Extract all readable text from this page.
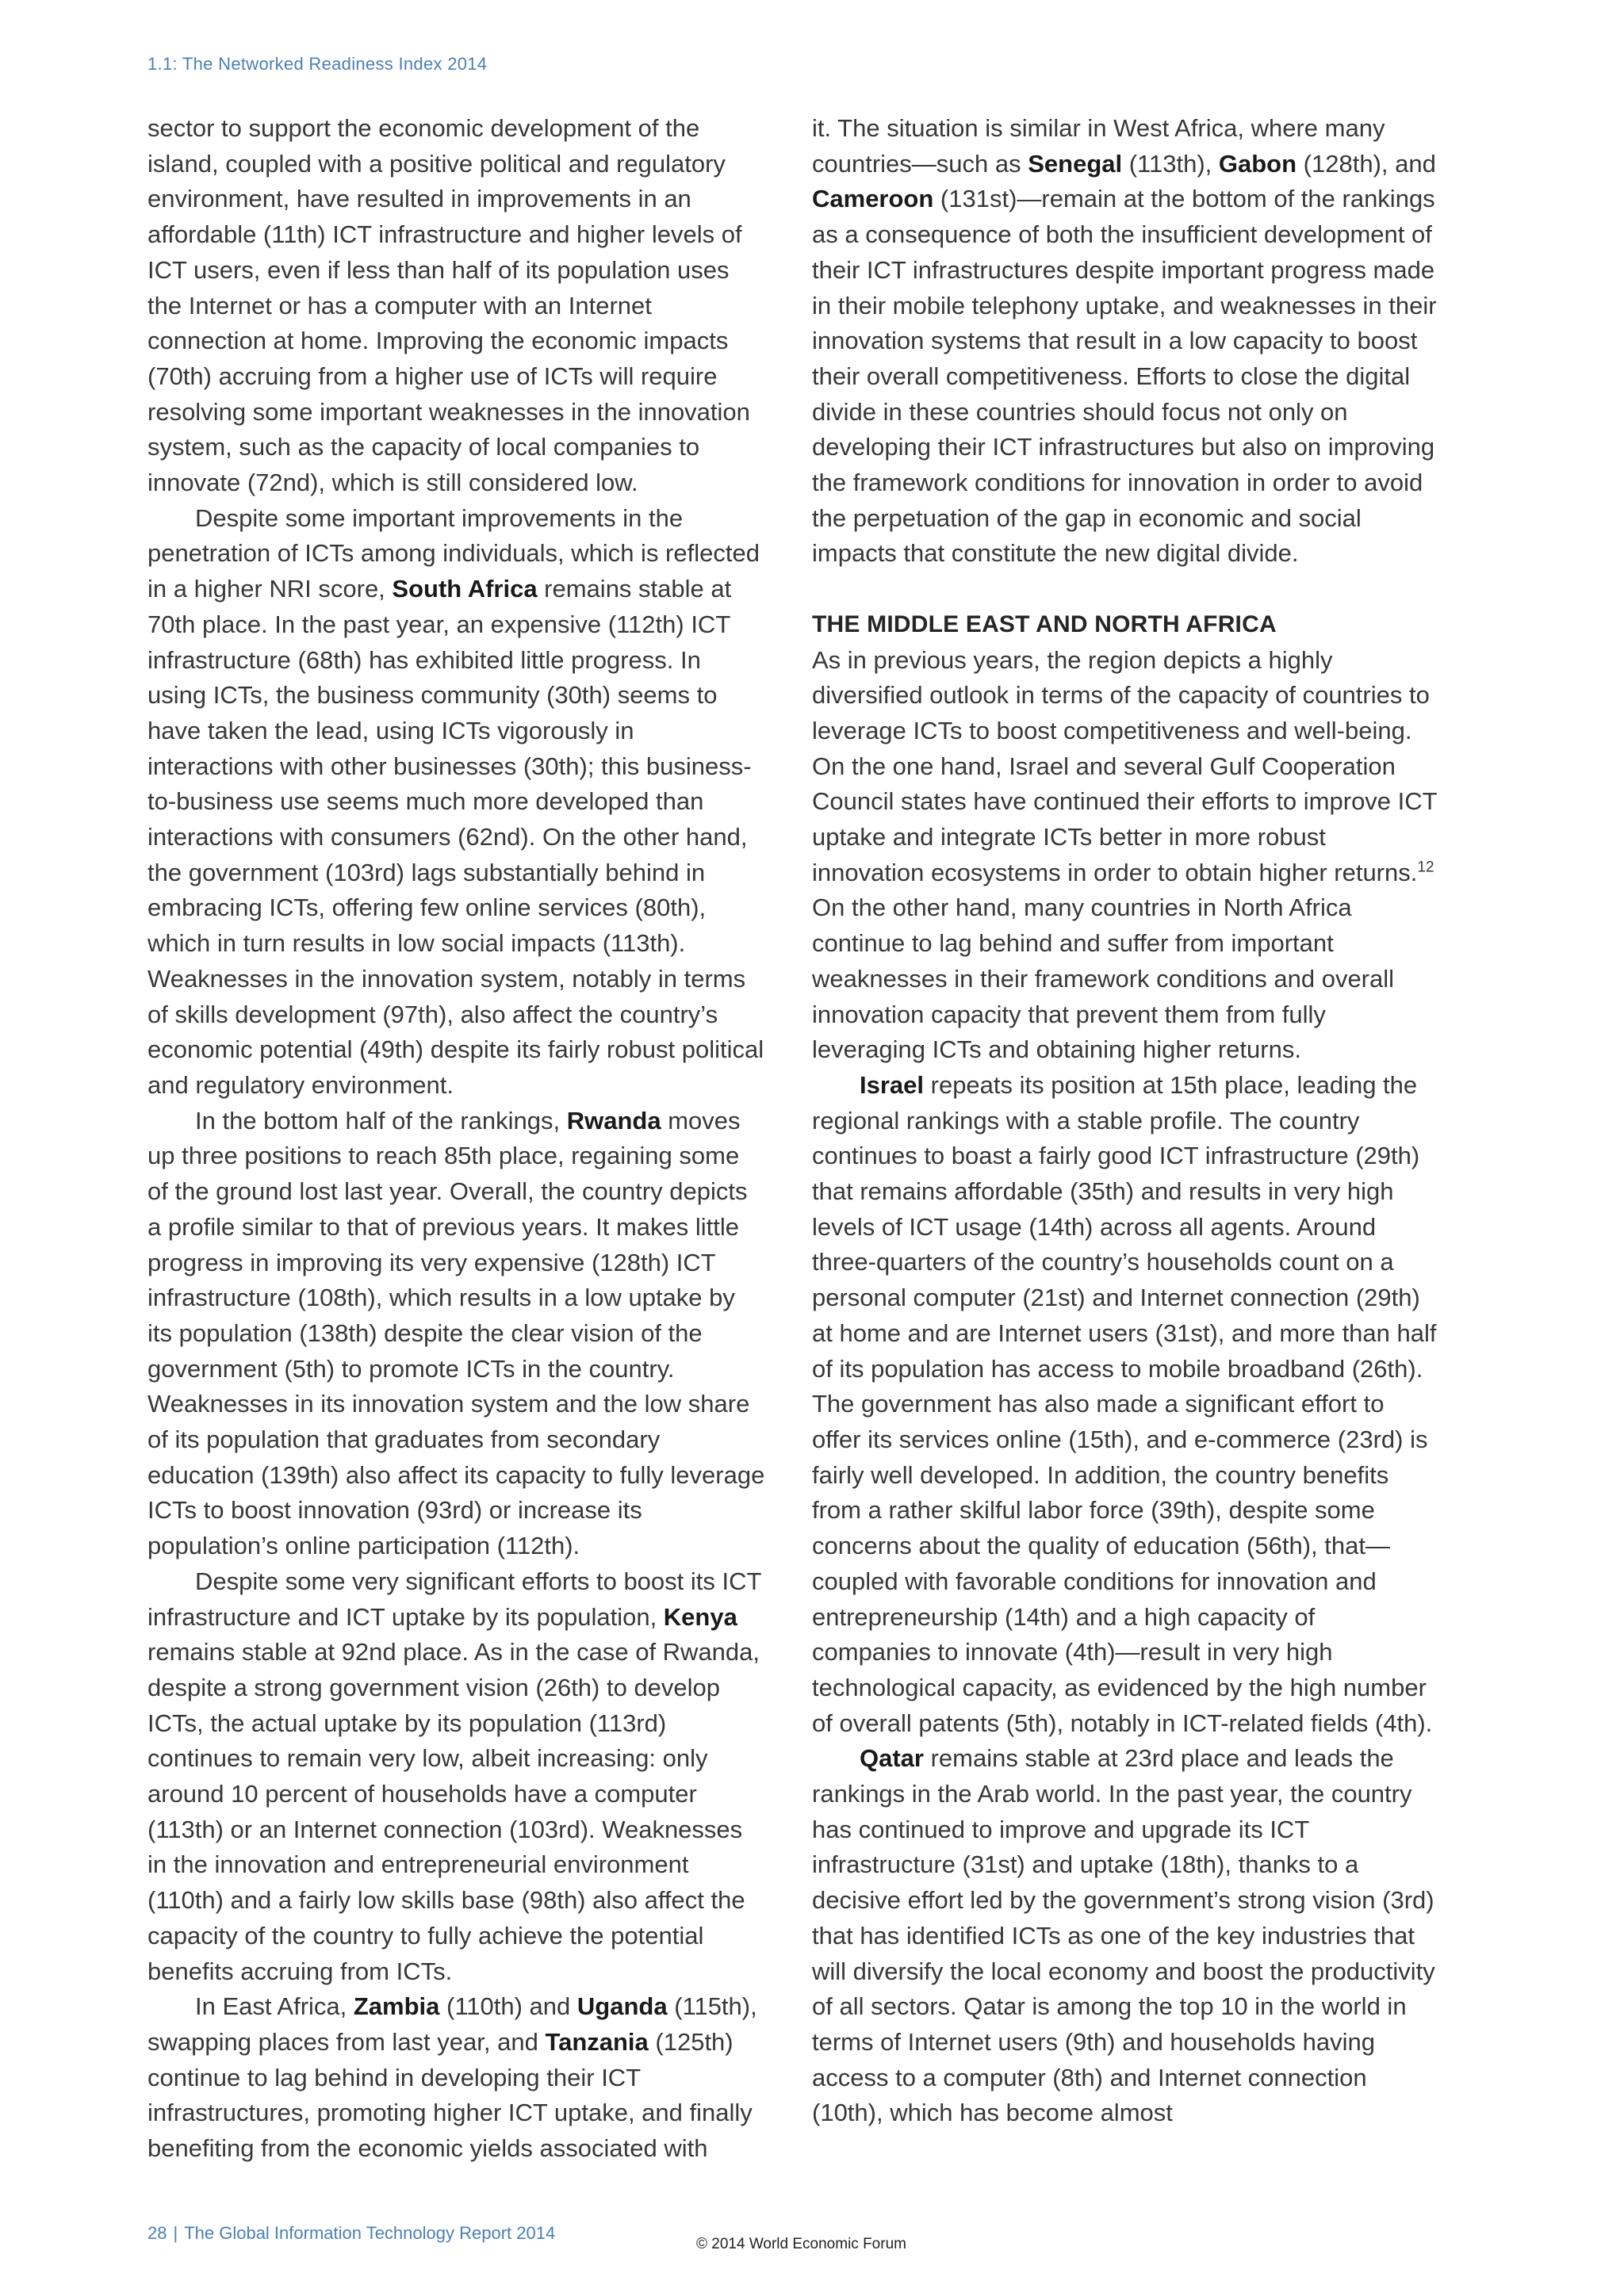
1.1: The Networked Readiness Index 2014

sector to support the economic development of the island, coupled with a positive political and regulatory environment, have resulted in improvements in an affordable (11th) ICT infrastructure and higher levels of ICT users, even if less than half of its population uses the Internet or has a computer with an Internet connection at home. Improving the economic impacts (70th) accruing from a higher use of ICTs will require resolving some important weaknesses in the innovation system, such as the capacity of local companies to innovate (72nd), which is still considered low.

Despite some important improvements in the penetration of ICTs among individuals, which is reflected in a higher NRI score, South Africa remains stable at 70th place. In the past year, an expensive (112th) ICT infrastructure (68th) has exhibited little progress. In using ICTs, the business community (30th) seems to have taken the lead, using ICTs vigorously in interactions with other businesses (30th); this business-to-business use seems much more developed than interactions with consumers (62nd). On the other hand, the government (103rd) lags substantially behind in embracing ICTs, offering few online services (80th), which in turn results in low social impacts (113th). Weaknesses in the innovation system, notably in terms of skills development (97th), also affect the country’s economic potential (49th) despite its fairly robust political and regulatory environment.

In the bottom half of the rankings, Rwanda moves up three positions to reach 85th place, regaining some of the ground lost last year. Overall, the country depicts a profile similar to that of previous years. It makes little progress in improving its very expensive (128th) ICT infrastructure (108th), which results in a low uptake by its population (138th) despite the clear vision of the government (5th) to promote ICTs in the country. Weaknesses in its innovation system and the low share of its population that graduates from secondary education (139th) also affect its capacity to fully leverage ICTs to boost innovation (93rd) or increase its population’s online participation (112th).

Despite some very significant efforts to boost its ICT infrastructure and ICT uptake by its population, Kenya remains stable at 92nd place. As in the case of Rwanda, despite a strong government vision (26th) to develop ICTs, the actual uptake by its population (113rd) continues to remain very low, albeit increasing: only around 10 percent of households have a computer (113th) or an Internet connection (103rd). Weaknesses in the innovation and entrepreneurial environment (110th) and a fairly low skills base (98th) also affect the capacity of the country to fully achieve the potential benefits accruing from ICTs.

In East Africa, Zambia (110th) and Uganda (115th), swapping places from last year, and Tanzania (125th) continue to lag behind in developing their ICT infrastructures, promoting higher ICT uptake, and finally benefiting from the economic yields associated with

it. The situation is similar in West Africa, where many countries—such as Senegal (113th), Gabon (128th), and Cameroon (131st)—remain at the bottom of the rankings as a consequence of both the insufficient development of their ICT infrastructures despite important progress made in their mobile telephony uptake, and weaknesses in their innovation systems that result in a low capacity to boost their overall competitiveness. Efforts to close the digital divide in these countries should focus not only on developing their ICT infrastructures but also on improving the framework conditions for innovation in order to avoid the perpetuation of the gap in economic and social impacts that constitute the new digital divide.

THE MIDDLE EAST AND NORTH AFRICA

As in previous years, the region depicts a highly diversified outlook in terms of the capacity of countries to leverage ICTs to boost competitiveness and well-being. On the one hand, Israel and several Gulf Cooperation Council states have continued their efforts to improve ICT uptake and integrate ICTs better in more robust innovation ecosystems in order to obtain higher returns.$^{12}$ On the other hand, many countries in North Africa continue to lag behind and suffer from important weaknesses in their framework conditions and overall innovation capacity that prevent them from fully leveraging ICTs and obtaining higher returns.

Israel repeats its position at 15th place, leading the regional rankings with a stable profile. The country continues to boast a fairly good ICT infrastructure (29th) that remains affordable (35th) and results in very high levels of ICT usage (14th) across all agents. Around three-quarters of the country’s households count on a personal computer (21st) and Internet connection (29th) at home and are Internet users (31st), and more than half of its population has access to mobile broadband (26th). The government has also made a significant effort to offer its services online (15th), and e-commerce (23rd) is fairly well developed. In addition, the country benefits from a rather skilful labor force (39th), despite some concerns about the quality of education (56th), that—coupled with favorable conditions for innovation and entrepreneurship (14th) and a high capacity of companies to innovate (4th)—result in very high technological capacity, as evidenced by the high number of overall patents (5th), notably in ICT-related fields (4th).

Qatar remains stable at 23rd place and leads the rankings in the Arab world. In the past year, the country has continued to improve and upgrade its ICT infrastructure (31st) and uptake (18th), thanks to a decisive effort led by the government’s strong vision (3rd) that has identified ICTs as one of the key industries that will diversify the local economy and boost the productivity of all sectors. Qatar is among the top 10 in the world in terms of Internet users (9th) and households having access to a computer (8th) and Internet connection (10th), which has become almost

28 | The Global Information Technology Report 2014
© 2014 World Economic Forum
